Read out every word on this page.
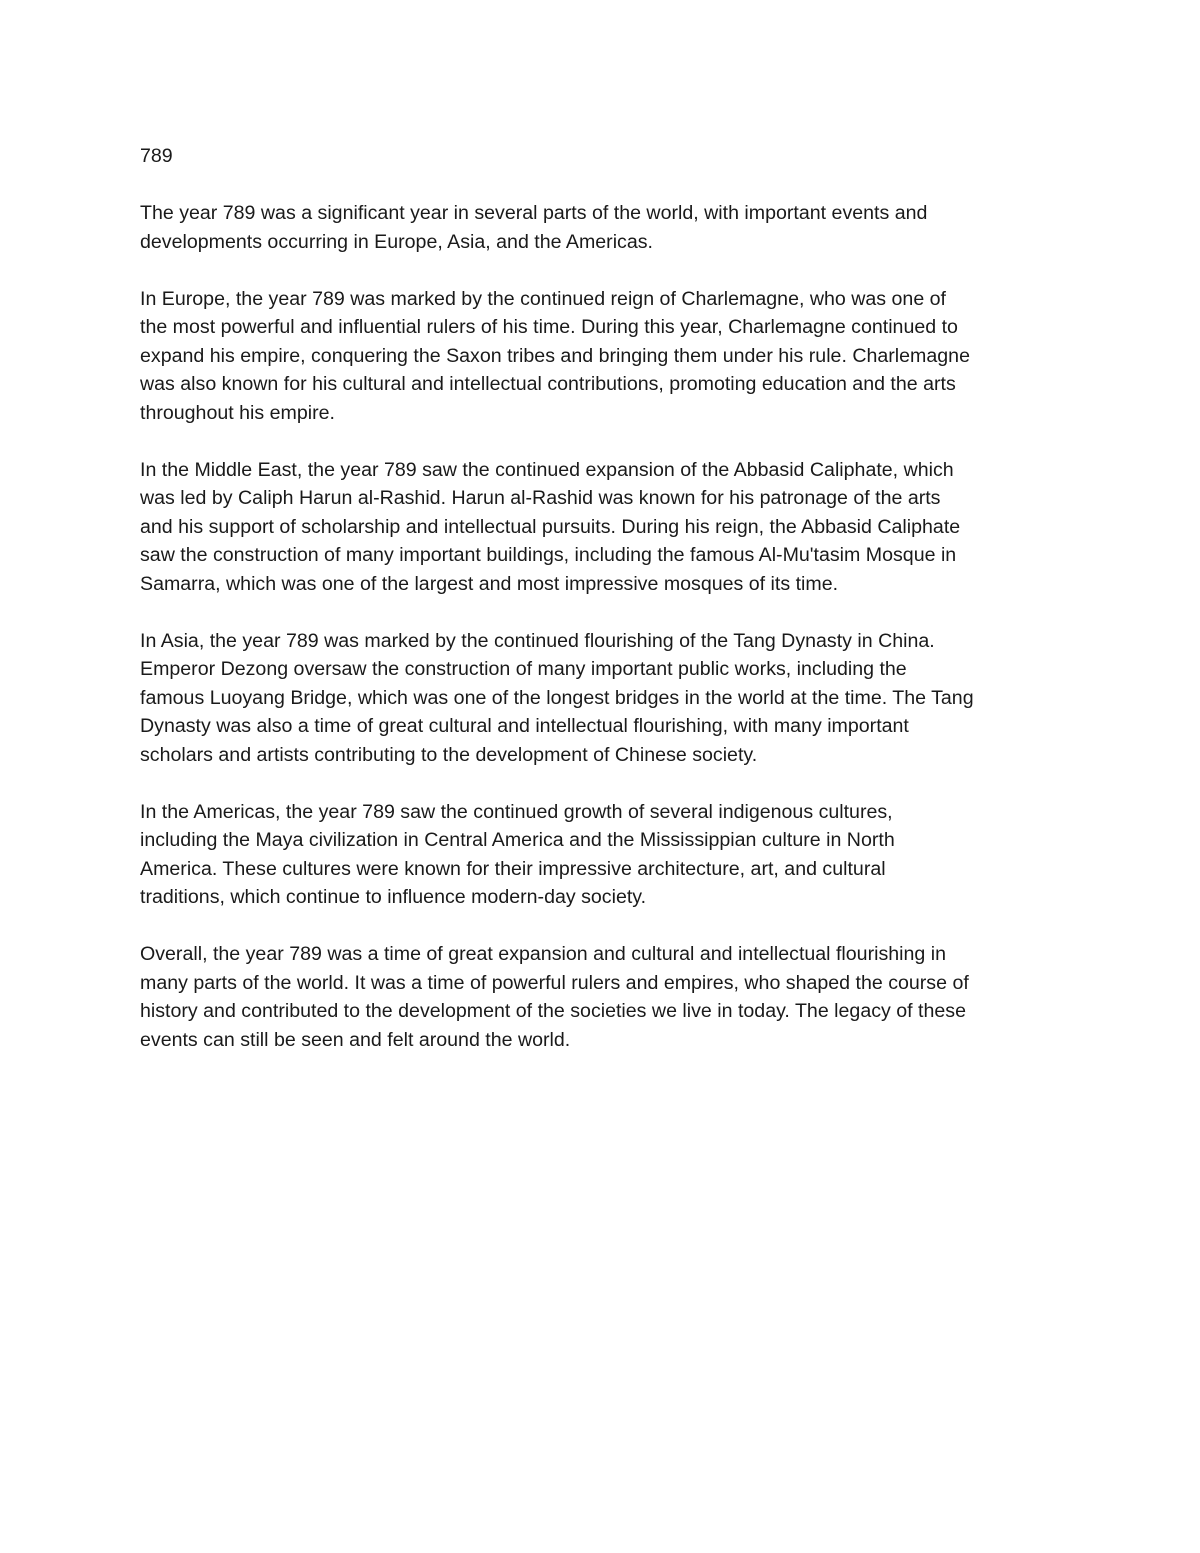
789
The year 789 was a significant year in several parts of the world, with important events and
developments occurring in Europe, Asia, and the Americas.
In Europe, the year 789 was marked by the continued reign of Charlemagne, who was one of
the most powerful and influential rulers of his time. During this year, Charlemagne continued to
expand his empire, conquering the Saxon tribes and bringing them under his rule. Charlemagne
was also known for his cultural and intellectual contributions, promoting education and the arts
throughout his empire.
In the Middle East, the year 789 saw the continued expansion of the Abbasid Caliphate, which
was led by Caliph Harun al-Rashid. Harun al-Rashid was known for his patronage of the arts
and his support of scholarship and intellectual pursuits. During his reign, the Abbasid Caliphate
saw the construction of many important buildings, including the famous Al-Mu'tasim Mosque in
Samarra, which was one of the largest and most impressive mosques of its time.
In Asia, the year 789 was marked by the continued flourishing of the Tang Dynasty in China.
Emperor Dezong oversaw the construction of many important public works, including the
famous Luoyang Bridge, which was one of the longest bridges in the world at the time. The Tang
Dynasty was also a time of great cultural and intellectual flourishing, with many important
scholars and artists contributing to the development of Chinese society.
In the Americas, the year 789 saw the continued growth of several indigenous cultures,
including the Maya civilization in Central America and the Mississippian culture in North
America. These cultures were known for their impressive architecture, art, and cultural
traditions, which continue to influence modern-day society.
Overall, the year 789 was a time of great expansion and cultural and intellectual flourishing in
many parts of the world. It was a time of powerful rulers and empires, who shaped the course of
history and contributed to the development of the societies we live in today. The legacy of these
events can still be seen and felt around the world.
